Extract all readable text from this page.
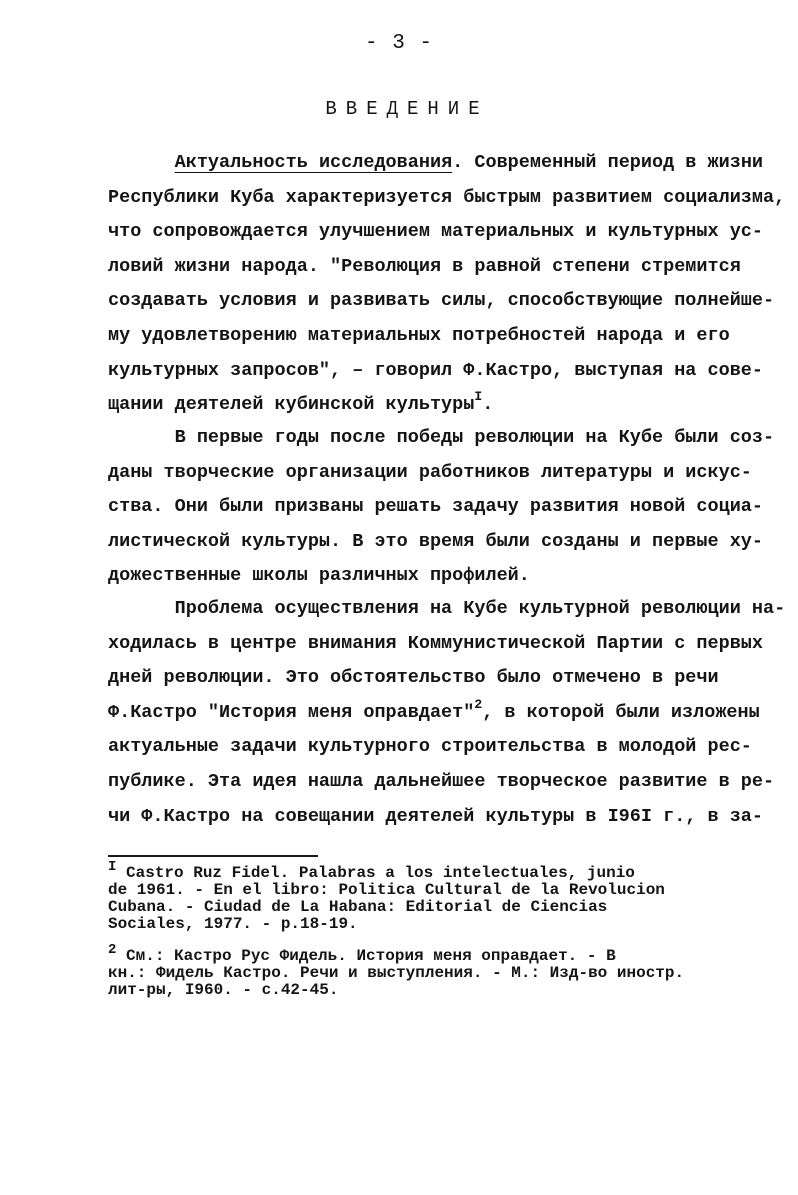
- 3 -
ВВЕДЕНИЕ
Актуальность исследования. Современный период в жизни
Республики Куба характеризуется быстрым развитием социализма,
что сопровождается улучшением материальных и культурных ус-
ловий жизни народа. "Революция в равной степени стремится
создавать условия и развивать силы, способствующие полнейше-
му удовлетворению материальных потребностей народа и его
культурных запросов", – говорил Ф.Кастро, выступая на сове-
щании деятелей кубинской культуры$^I$.
В первые годы после победы революции на Кубе были соз-
даны творческие организации работников литературы и искус-
ства. Они были призваны решать задачу развития новой социа-
листической культуры. В это время были созданы и первые ху-
дожественные школы различных профилей.
Проблема осуществления на Кубе культурной революции на-
ходилась в центре внимания Коммунистической Партии с первых
дней революции. Это обстоятельство было отмечено в речи
Ф.Кастро "История меня оправдает"$^2$, в которой были изложены
актуальные задачи культурного строительства в молодой рес-
публике. Эта идея нашла дальнейшее творческое развитие в ре-
чи Ф.Кастро на совещании деятелей культуры в I96I г., в за-
I Castro Ruz Fidel. Palabras a los intelectuales, junio
de 1961. - En el libro: Politica Cultural de la Revolucion
Cubana. - Ciudad de La Habana: Editorial de Ciencias
Sociales, 1977. - p.18-19.
2 См.: Кастро Рус Фидель. История меня оправдает. - В
кн.: Фидель Кастро. Речи и выступления. - М.: Изд-во иностр.
лит-ры, I960. - с.42-45.
